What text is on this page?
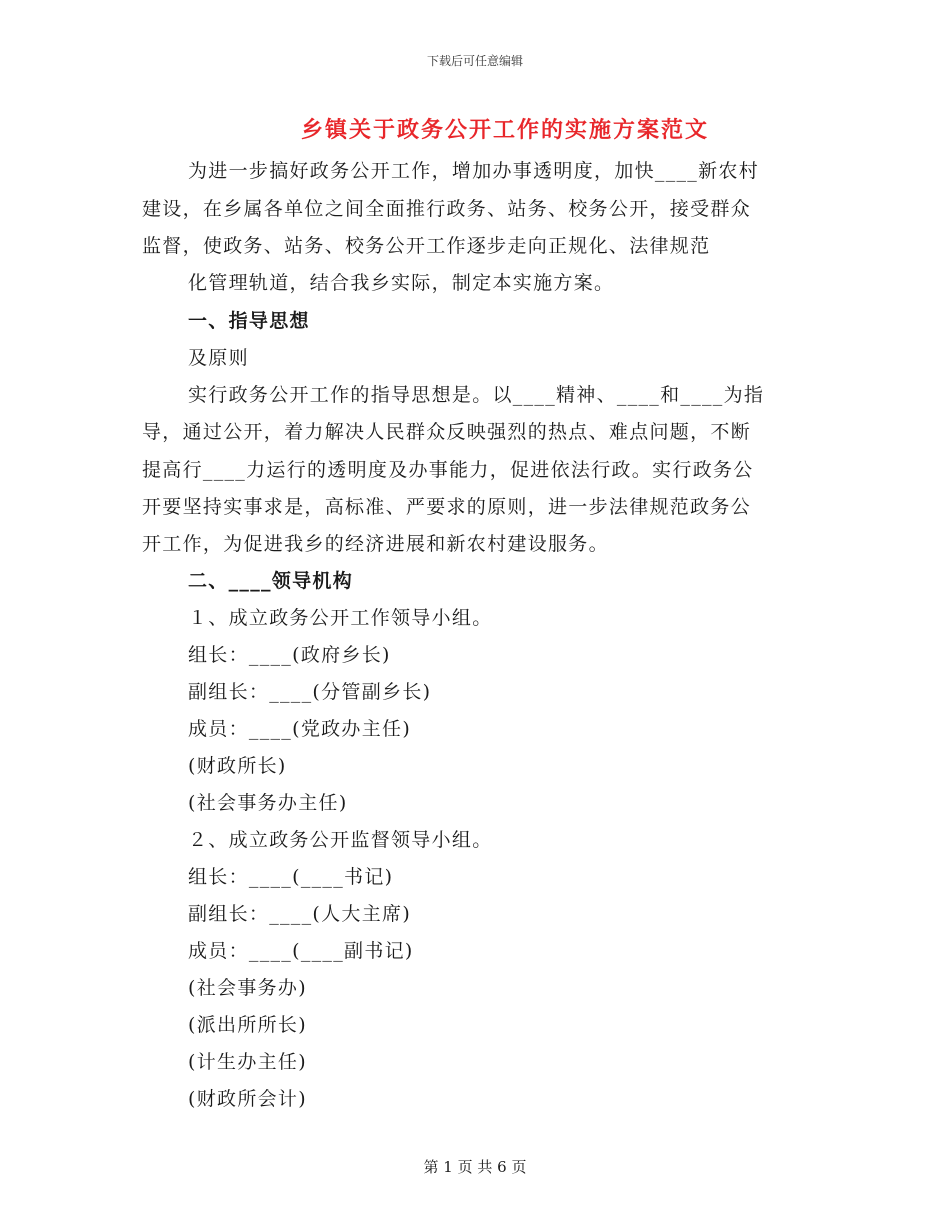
下载后可任意编辑
乡镇关于政务公开工作的实施方案范文
为进一步搞好政务公开工作，增加办事透明度，加快____新农村
建设，在乡属各单位之间全面推行政务、站务、校务公开，接受群众
监督，使政务、站务、校务公开工作逐步走向正规化、法律规范
化管理轨道，结合我乡实际，制定本实施方案。
一、指导思想
及原则
实行政务公开工作的指导思想是。以____精神、____和____为指
导，通过公开，着力解决人民群众反映强烈的热点、难点问题，不断
提高行____力运行的透明度及办事能力，促进依法行政。实行政务公
开要坚持实事求是，高标准、严要求的原则，进一步法律规范政务公
开工作，为促进我乡的经济进展和新农村建设服务。
二、____领导机构
１、成立政务公开工作领导小组。
组长：____(政府乡长)
副组长：____(分管副乡长)
成员：____(党政办主任)
(财政所长)
(社会事务办主任)
２、成立政务公开监督领导小组。
组长：____(____书记)
副组长：____(人大主席)
成员：____(____副书记)
(社会事务办)
(派出所所长)
(计生办主任)
(财政所会计)
第 1 页 共 6 页
